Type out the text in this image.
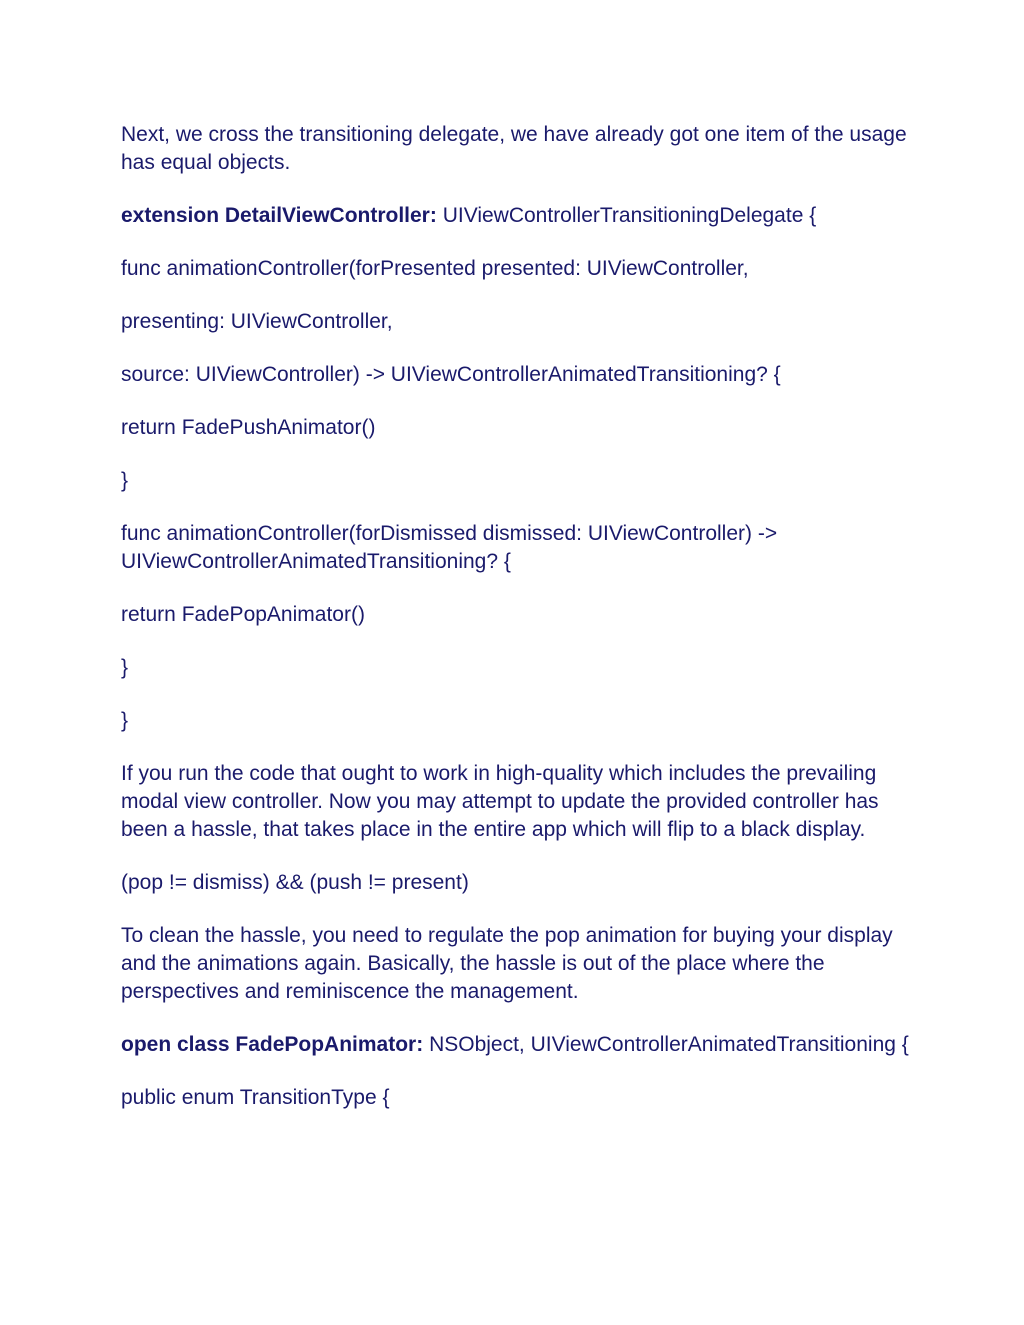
Next, we cross the transitioning delegate, we have already got one item of the usage has equal objects.

extension DetailViewController: UIViewControllerTransitioningDelegate {

func animationController(forPresented presented: UIViewController,

presenting: UIViewController,

source: UIViewController) -> UIViewControllerAnimatedTransitioning? {

return FadePushAnimator()

}

func animationController(forDismissed dismissed: UIViewController) -> UIViewControllerAnimatedTransitioning? {

return FadePopAnimator()

}

}

If you run the code that ought to work in high-quality which includes the prevailing modal view controller. Now you may attempt to update the provided controller has been a hassle, that takes place in the entire app which will flip to a black display.

(pop != dismiss) && (push != present)

To clean the hassle, you need to regulate the pop animation for buying your display and the animations again. Basically, the hassle is out of the place where the perspectives and reminiscence the management.

open class FadePopAnimator: NSObject, UIViewControllerAnimatedTransitioning {

public enum TransitionType {
